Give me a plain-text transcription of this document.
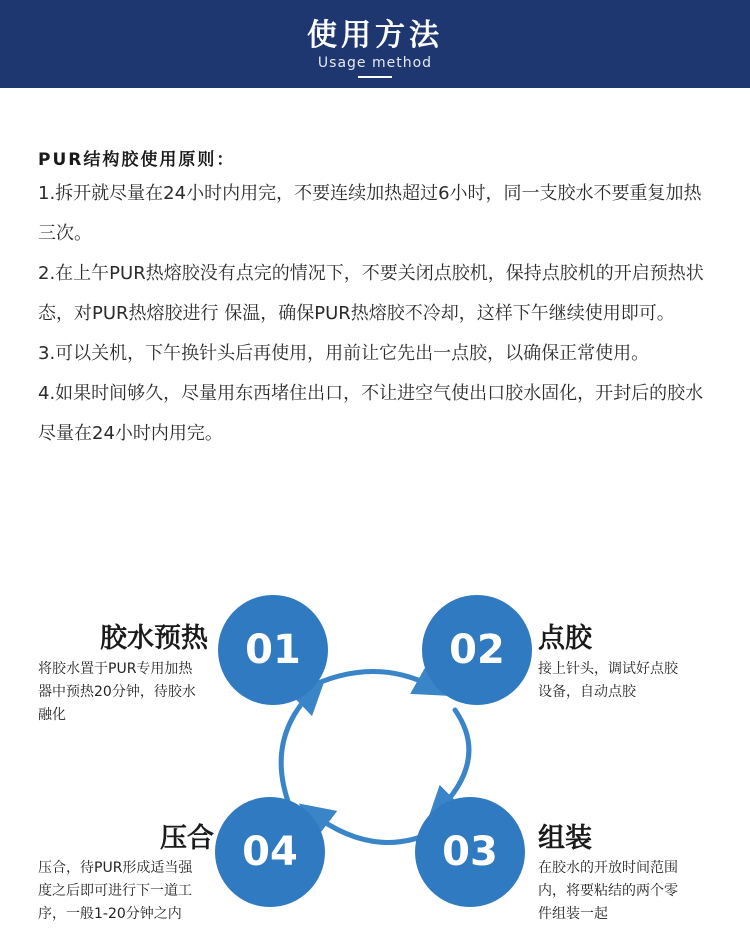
使用方法
Usage method
PUR结构胶使用原则：
1.拆开就尽量在24小时内用完，不要连续加热超过6小时，同一支胶水不要重复加热三次。
2.在上午PUR热熔胶没有点完的情况下，不要关闭点胶机，保持点胶机的开启预热状态，对PUR热熔胶进行 保温，确保PUR热熔胶不冷却，这样下午继续使用即可。
3.可以关机，下午换针头后再使用，用前让它先出一点胶，以确保正常使用。
4.如果时间够久，尽量用东西堵住出口，不让进空气使出口胶水固化，开封后的胶水尽量在24小时内用完。
01	02
03
04
胶水预热
将胶水置于PUR专用加热
器中预热20分钟，待胶水
融化
点胶
接上针头，调试好点胶
设备，自动点胶
组装
在胶水的开放时间范围
内，将要粘结的两个零
件组装一起
压合
压合，待PUR形成适当强
度之后即可进行下一道工
序，一般1-20分钟之内
